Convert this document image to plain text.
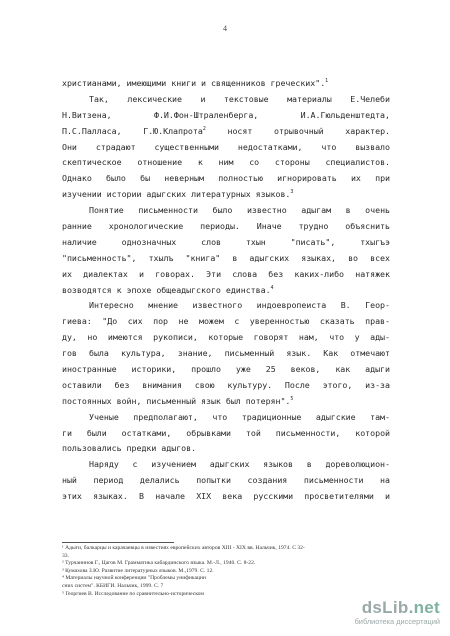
4
христианами, имеющими книги и священников греческих".$^1$
Так, лексические и текстовые материалы Е.Челеби
Н.Витзена, Ф.И.Фон-Штраленберга, И.А.Гюльденштедта,
П.С.Палласа, Г.Ю.Клапрота$^2$ носят отрывочный характер.
Они страдают существенными недостатками, что вызвало
скептическое отношение к ним со стороны специалистов.
Однако было бы неверным полностью игнорировать их при
изучении истории адыгских литературных языков.$^3$
Понятие письменности было известно адыгам в очень
ранние хронологические периоды. Иначе трудно объяснить
наличие однозначных слов тхын "писать", тхыгъэ
"письменность", тхылъ "книга" в адыгских языках, во всех
их диалектах и говорах. Эти слова без каких-либо натяжек
возводятся к эпохе общеадыгского единства.$^4$
Интересно мнение известного индоевропеиста В. Геор-
гиева: "До сих пор не можем с уверенностью сказать прав-
ду, но имеются рукописи, которые говорят нам, что у ады-
гов была культура, знание, письменный язык. Как отмечают
иностранные историки, прошло уже 25 веков, как адыги
оставили без внимания свою культуру. После этого, из-за
постоянных войн, письменный язык был потерян".$^5$
Ученые предполагают, что традиционные адыгские там-
ги были остатками, обрывками той письменности, которой
пользовались предки адыгов.
Наряду с изучением адыгских языков в дореволюцион-
ный период делались попытки создания письменности на
этих языках. В начале XIX века русскими просветителями и
¹ Адыги, балкарцы и карачаевцы в известиях европейских авторов XIII - XIX вв. Нальчик, 1974. С 32-
33.
² Турчанинов Г., Цагов М. Грамматика кабардинского языка. М.-Л., 1940. С. 8-22.
³ Кумахова З.Ю. Развитие литературных языков. М.,1979. С. 12.
⁴ Материалы научной конференции "Проблемы унификации
сних систем". КБИГИ. Нальчик, 1999. С. 7
⁵ Георгиев В. Исследование по сравнительно-историческом
dsLib.net
библиотека диссертаций
